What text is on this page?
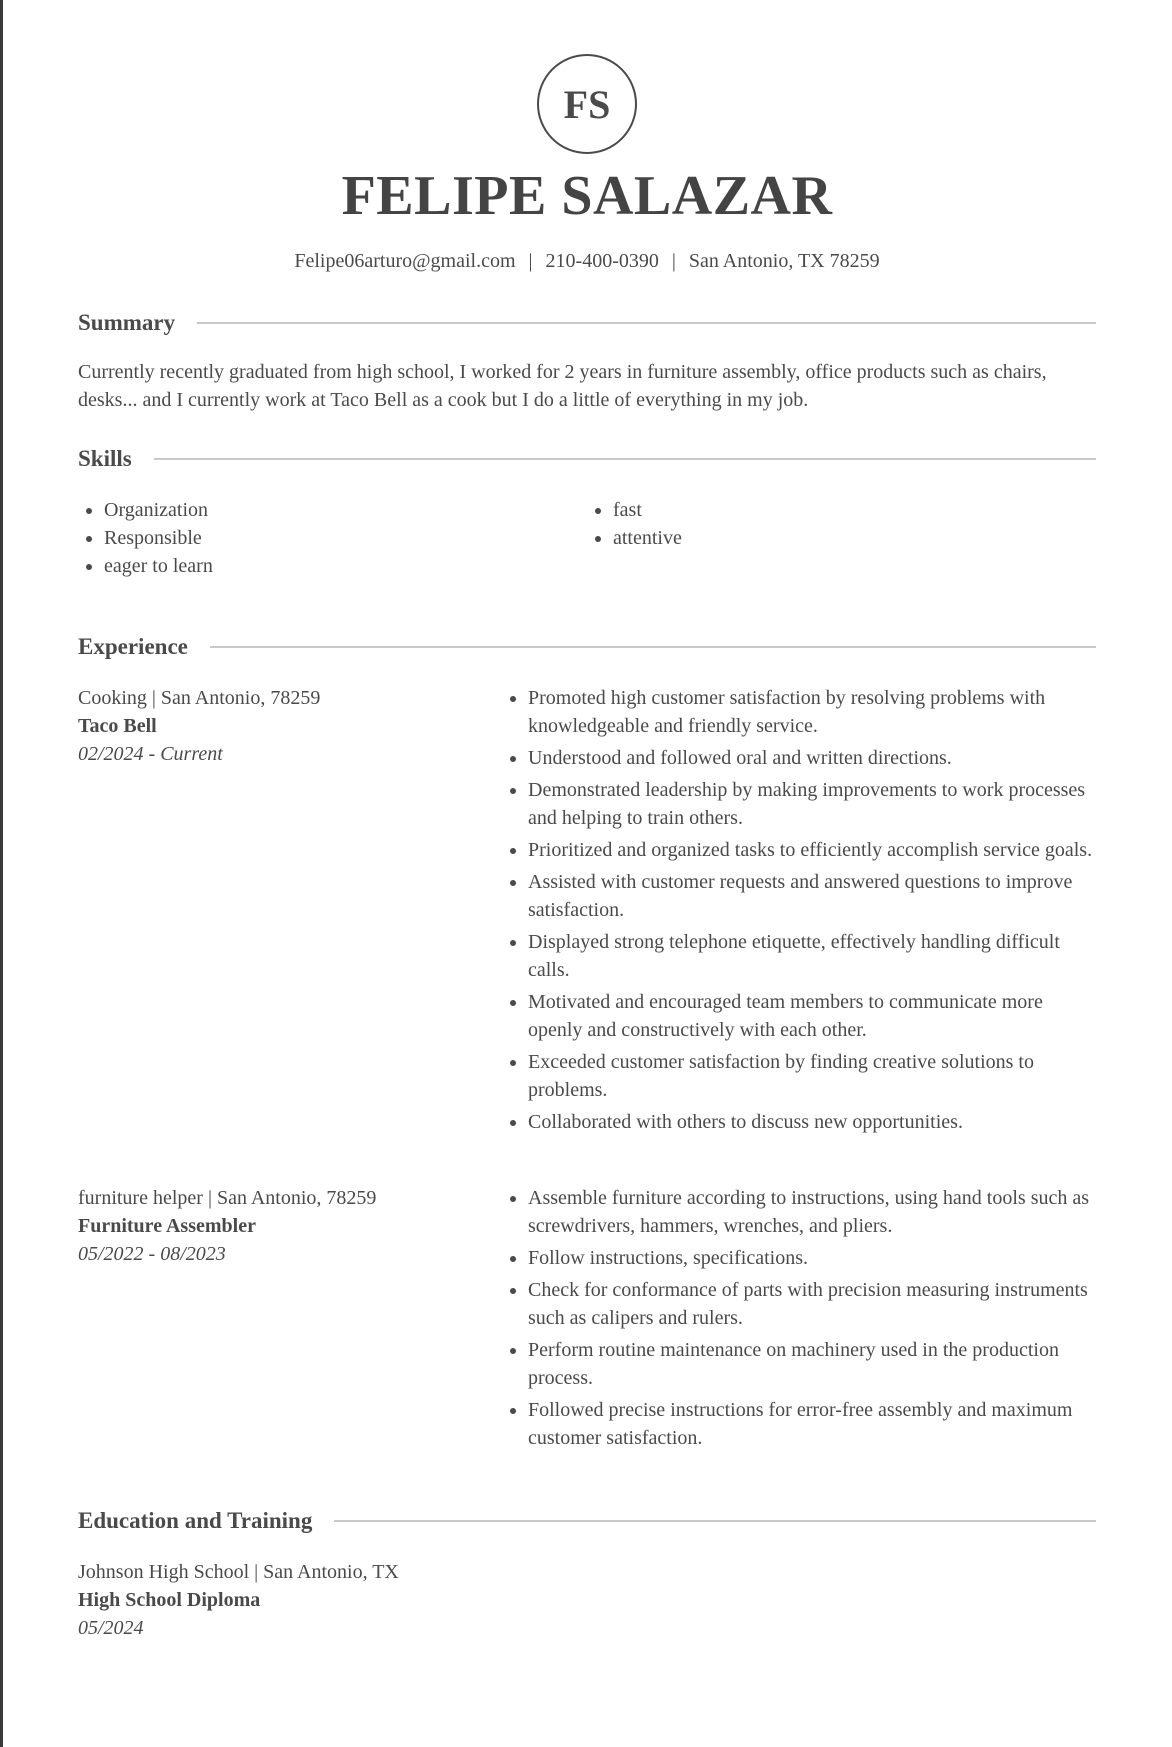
FS
FELIPE SALAZAR
Felipe06arturo@gmail.com | 210-400-0390 | San Antonio, TX 78259
Summary
Currently recently graduated from high school, I worked for 2 years in furniture assembly, office products such as chairs, desks... and I currently work at Taco Bell as a cook but I do a little of everything in my job.
Skills
• Organization
• Responsible
• eager to learn
• fast
• attentive
Experience
Cooking | San Antonio, 78259
Taco Bell
02/2024 - Current
• Promoted high customer satisfaction by resolving problems with knowledgeable and friendly service.
• Understood and followed oral and written directions.
• Demonstrated leadership by making improvements to work processes and helping to train others.
• Prioritized and organized tasks to efficiently accomplish service goals.
• Assisted with customer requests and answered questions to improve satisfaction.
• Displayed strong telephone etiquette, effectively handling difficult calls.
• Motivated and encouraged team members to communicate more openly and constructively with each other.
• Exceeded customer satisfaction by finding creative solutions to problems.
• Collaborated with others to discuss new opportunities.
furniture helper | San Antonio, 78259
Furniture Assembler
05/2022 - 08/2023
• Assemble furniture according to instructions, using hand tools such as screwdrivers, hammers, wrenches, and pliers.
• Follow instructions, specifications.
• Check for conformance of parts with precision measuring instruments such as calipers and rulers.
• Perform routine maintenance on machinery used in the production process.
• Followed precise instructions for error-free assembly and maximum customer satisfaction.
Education and Training
Johnson High School | San Antonio, TX
High School Diploma
05/2024
